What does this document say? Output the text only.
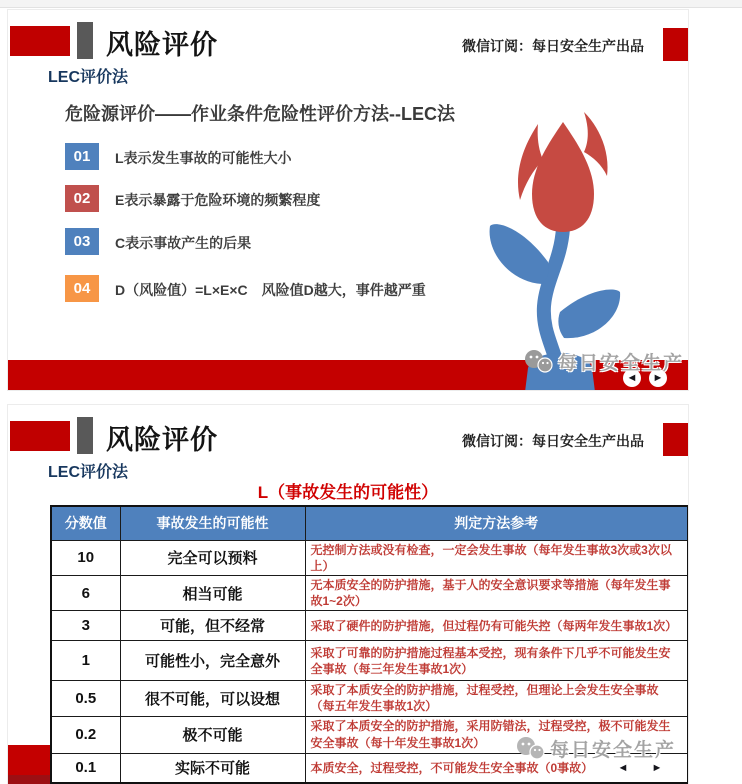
风险评价	微信订阅：每日安全生产出品
LEC评价法
危险源评价——作业条件危险性评价方法--LEC法
01	L表示发生事故的可能性大小
02	E表示暴露于危险环境的频繁程度
03	C表示事故产生的后果
04	D（风险值）=L×E×C　风险值D越大，事件越严重
每日安全生产
◄	►
风险评价	微信订阅：每日安全生产出品
LEC评价法
L（事故发生的可能性）
分数值	事故发生的可能性	判定方法参考
10	完全可以预料	无控制方法或没有检查，一定会发生事故（每年发生事故3次或3次以上）
6	相当可能	无本质安全的防护措施，基于人的安全意识要求等措施（每年发生事故1~2次）
3	可能，但不经常	采取了硬件的防护措施，但过程仍有可能失控（每两年发生事故1次）
1	可能性小，完全意外	采取了可靠的防护措施过程基本受控，现有条件下几乎不可能发生安全事故（每三年发生事故1次）
0.5	很不可能，可以设想	采取了本质安全的防护措施，过程受控，但理论上会发生安全事故（每五年发生事故1次）
0.2	极不可能	采取了本质安全的防护措施，采用防错法，过程受控，极不可能发生安全事故（每十年发生事故1次）
0.1	实际不可能	本质安全，过程受控，不可能发生安全事故（0事故）
每日安全生产
◄	►
